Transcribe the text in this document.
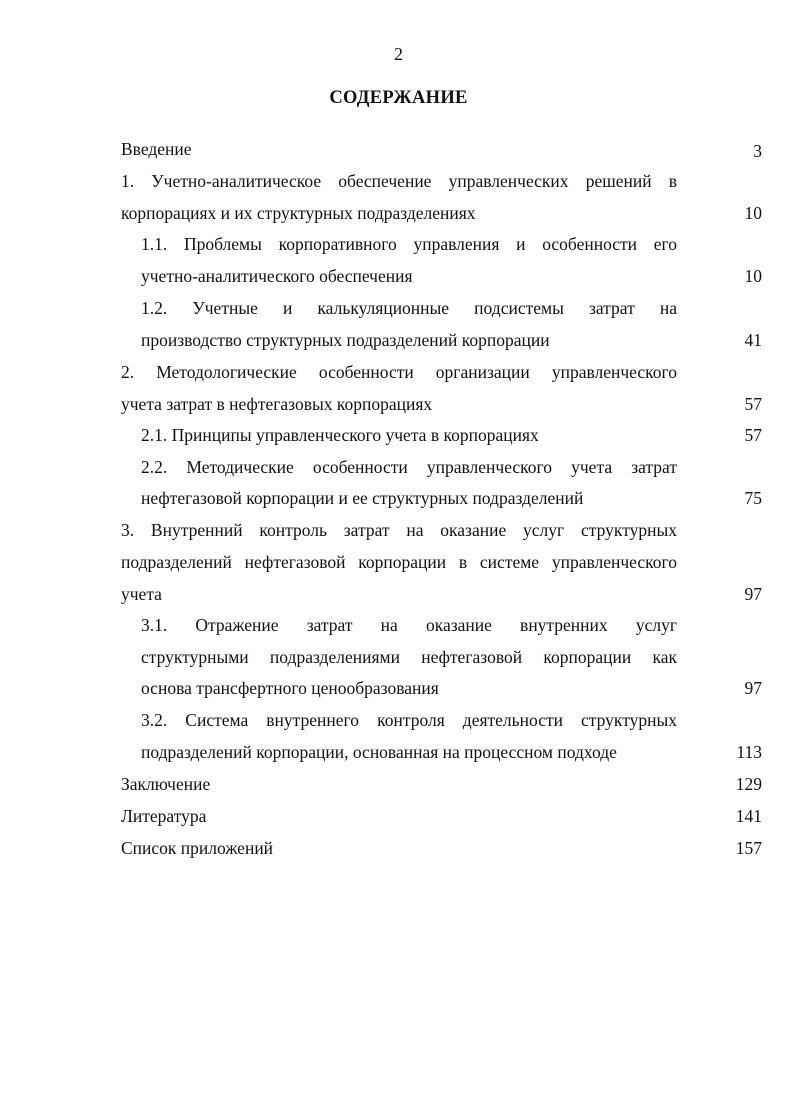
2
СОДЕРЖАНИЕ
Введение	3
1. Учетно-аналитическое обеспечение управленческих решений в
корпорациях и их структурных подразделениях	10
1.1. Проблемы корпоративного управления и особенности его
учетно-аналитического обеспечения	10
1.2. Учетные и калькуляционные подсистемы затрат на
производство структурных подразделений корпорации	41
2. Методологические особенности организации управленческого
учета затрат в нефтегазовых корпорациях	57
2.1. Принципы управленческого учета в корпорациях	57
2.2. Методические особенности управленческого учета затрат
нефтегазовой корпорации и ее структурных подразделений	75
3. Внутренний контроль затрат на оказание услуг структурных
подразделений нефтегазовой корпорации в системе управленческого
учета	97
3.1. Отражение затрат на оказание внутренних услуг
структурными подразделениями нефтегазовой корпорации как
основа трансфертного ценообразования	97
3.2. Система внутреннего контроля деятельности структурных
подразделений корпорации, основанная на процессном подходе	113
Заключение	129
Литература	141
Список приложений	157
